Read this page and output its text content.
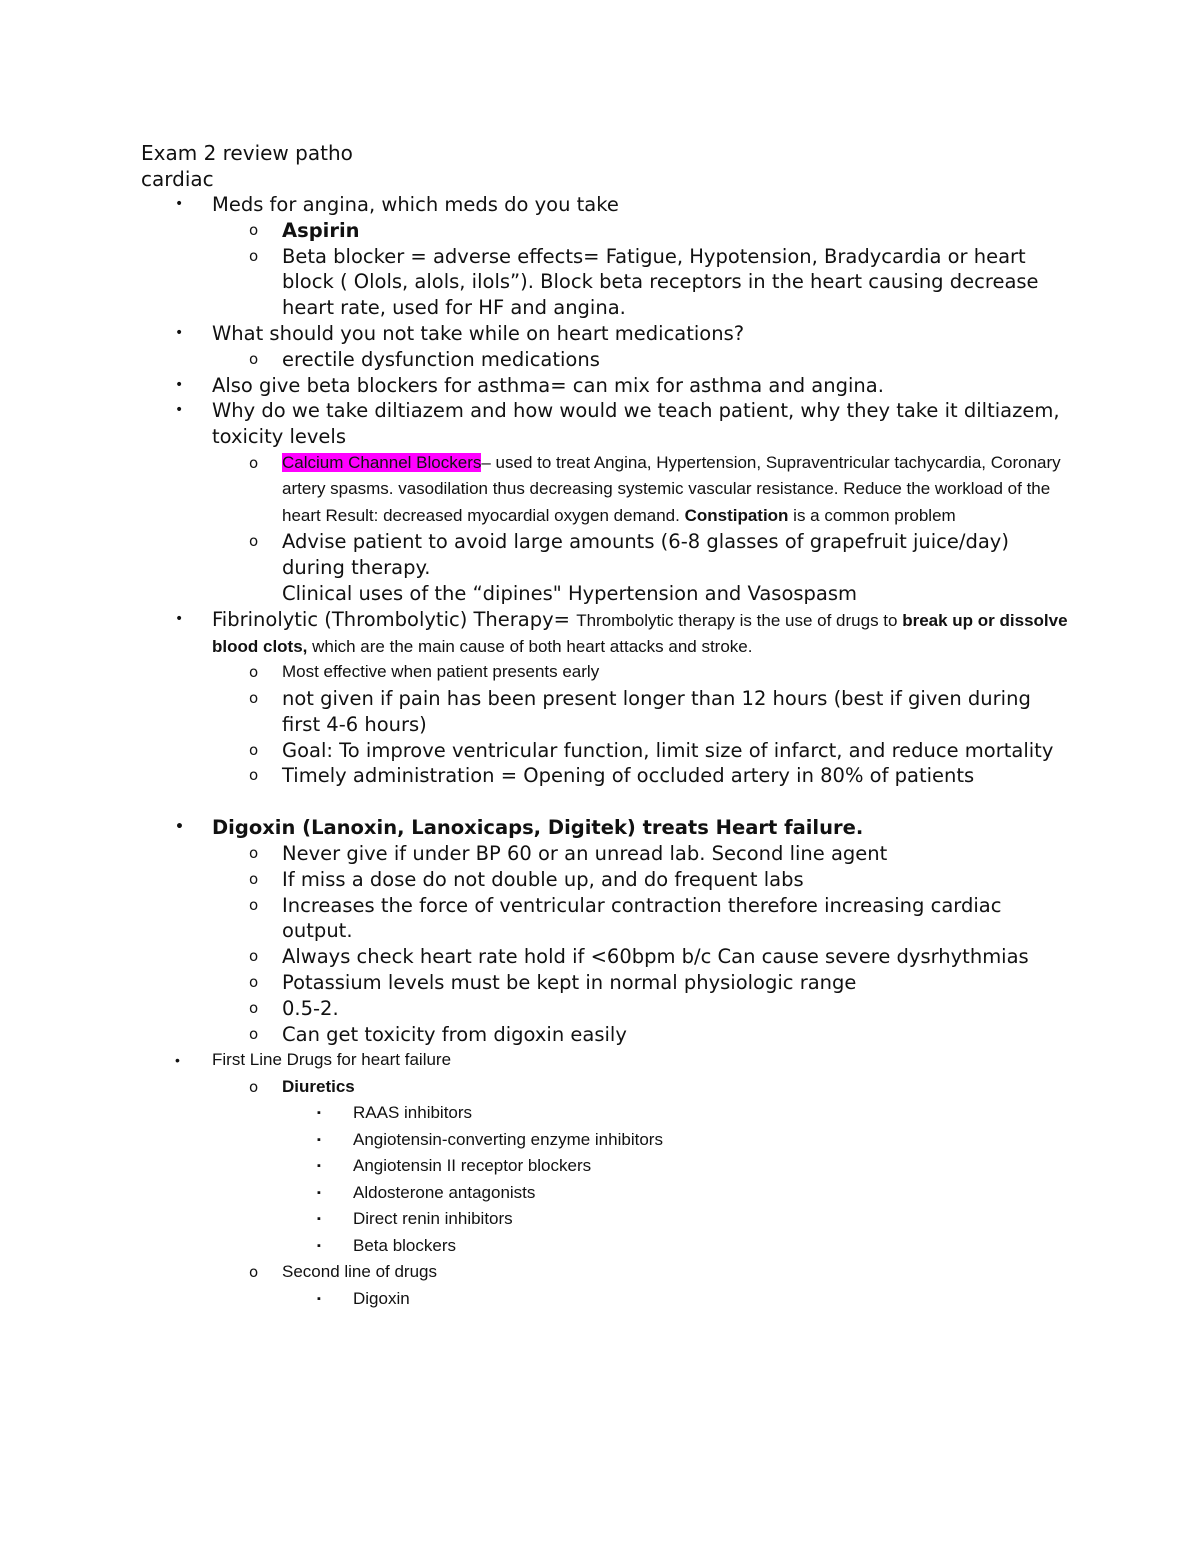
Exam 2 review patho

cardiac

• Meds for angina, which meds do you take
o Aspirin
o Beta blocker = adverse effects= Fatigue, Hypotension, Bradycardia or heart block ( Olols, alols, ilols”). Block beta receptors in the heart causing decrease heart rate, used for HF and angina.
• What should you not take while on heart medications?
o erectile dysfunction medications
• Also give beta blockers for asthma= can mix for asthma and angina.
• Why do we take diltiazem and how would we teach patient, why they take it diltiazem, toxicity levels
o Calcium Channel Blockers– used to treat Angina, Hypertension, Supraventricular tachycardia, Coronary artery spasms. vasodilation thus decreasing systemic vascular resistance. Reduce the workload of the heart Result: decreased myocardial oxygen demand. Constipation is a common problem
o Advise patient to avoid large amounts (6-8 glasses of grapefruit juice/day) during therapy.
Clinical uses of the “dipines" Hypertension and Vasospasm
• Fibrinolytic (Thrombolytic) Therapy= Thrombolytic therapy is the use of drugs to break up or dissolve blood clots, which are the main cause of both heart attacks and stroke.
o Most effective when patient presents early
o not given if pain has been present longer than 12 hours (best if given during first 4-6 hours)
o Goal: To improve ventricular function, limit size of infarct, and reduce mortality
o Timely administration = Opening of occluded artery in 80% of patients
• Digoxin (Lanoxin, Lanoxicaps, Digitek) treats Heart failure.
o Never give if under BP 60 or an unread lab. Second line agent
o If miss a dose do not double up, and do frequent labs
o Increases the force of ventricular contraction therefore increasing cardiac output.
o Always check heart rate hold if <60bpm b/c Can cause severe dysrhythmias
o Potassium levels must be kept in normal physiologic range
o 0.5-2.
o Can get toxicity from digoxin easily
• First Line Drugs for heart failure
o Diuretics
▪ RAAS inhibitors
▪ Angiotensin-converting enzyme inhibitors
▪ Angiotensin II receptor blockers
▪ Aldosterone antagonists
▪ Direct renin inhibitors
▪ Beta blockers
o Second line of drugs
▪ Digoxin
